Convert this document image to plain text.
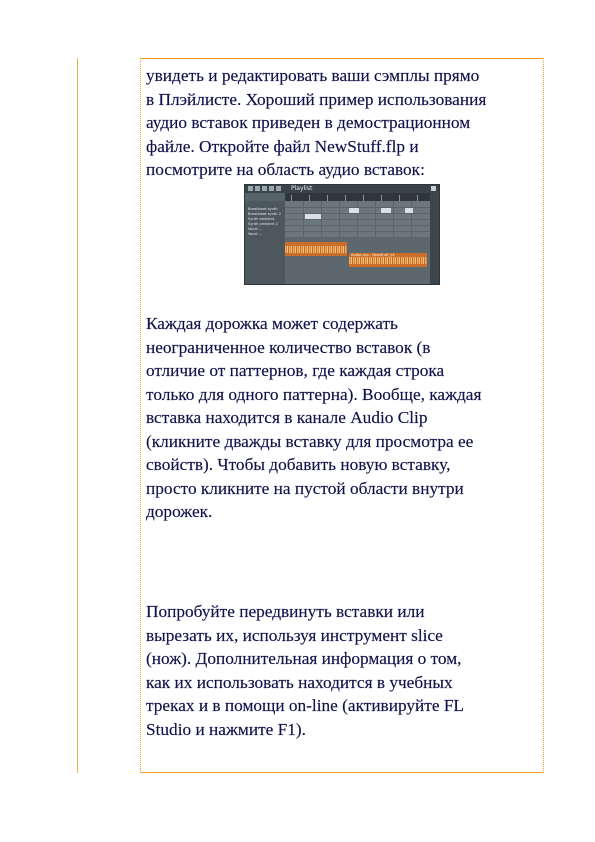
увидеть и редактировать ваши сэмплы прямо
в Плэйлисте. Хороший пример использования
аудио вставок приведен в демострационном
файле. Откройте файл NewStuff.flp и
посмотрите на область аудио вставок:
Playlist
Breakbeat synth
Breakbeat synth 2
Synth ambient
Synth ambient 2
Vocal ...
Vocal ...
Audio clip - NewStuff_01
Каждая дорожка может содержать
неограниченное количество вставок (в
отличие от паттернов, где каждая строка
только для одного паттерна). Вообще, каждая
вставка находится в канале Audio Clip
(кликните дважды вставку для просмотра ее
свойств). Чтобы добавить новую вставку,
просто кликните на пустой области внутри
дорожек.
Попробуйте передвинуть вставки или
вырезать их, используя инструмент slice
(нож). Дополнительная информация о том,
как их использовать находится в учебных
треках и в помощи on-line (активируйте FL
Studio и нажмите F1).
